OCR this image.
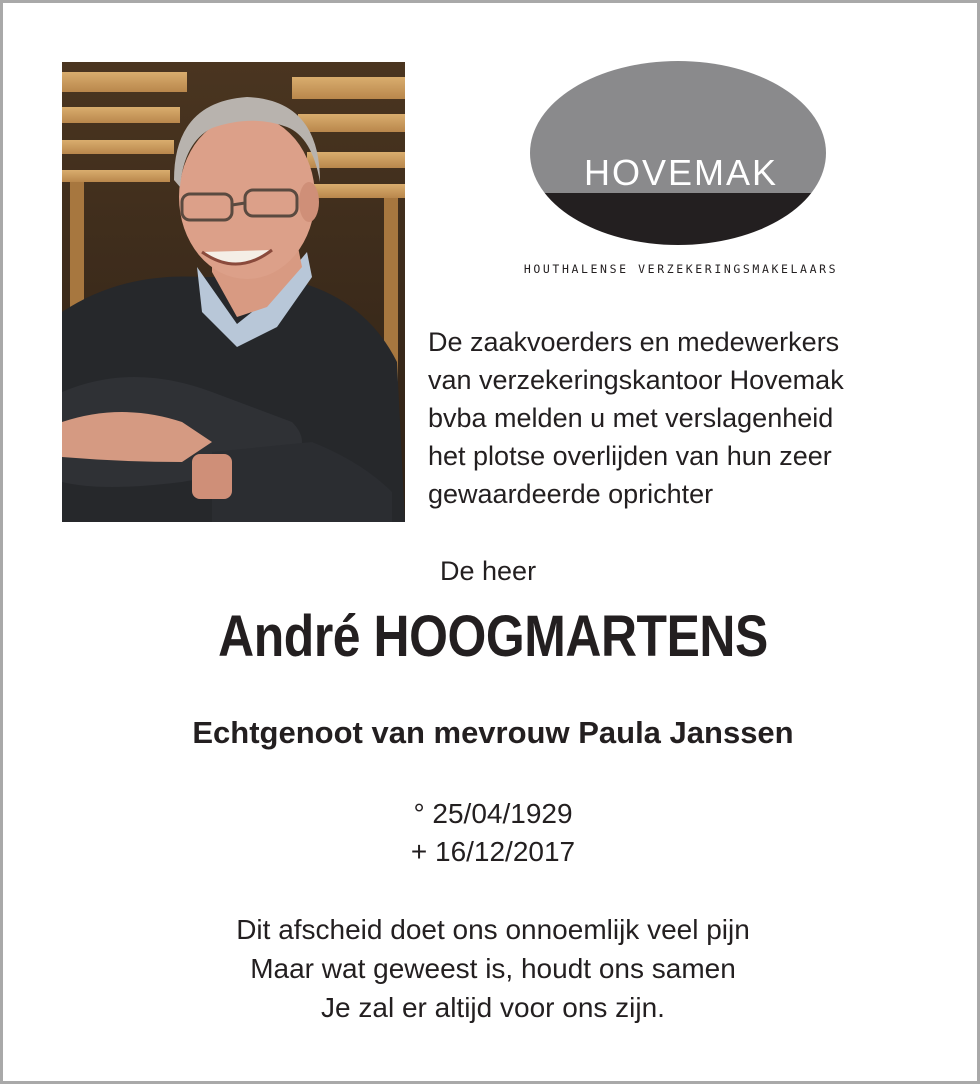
HOVEMAK
HOUTHALENSE VERZEKERINGSMAKELAARS
De zaakvoerders en medewerkers
van verzekeringskantoor Hovemak
bvba melden u met verslagenheid
het plotse overlijden van hun zeer
gewaardeerde oprichter
De heer
André HOOGMARTENS
Echtgenoot van mevrouw Paula Janssen
° 25/04/1929
+ 16/12/2017
Dit afscheid doet ons onnoemlijk veel pijn
Maar wat geweest is, houdt ons samen
Je zal er altijd voor ons zijn.
